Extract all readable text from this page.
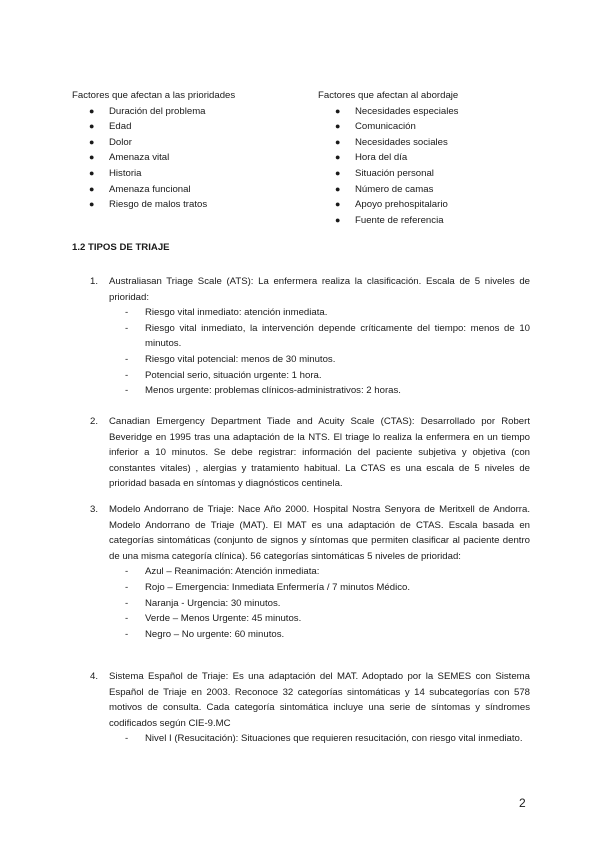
Factores que afectan a las prioridades
● Duración del problema
● Edad
● Dolor
● Amenaza vital
● Historia
● Amenaza funcional
● Riesgo de malos tratos
Factores que afectan al abordaje
● Necesidades especiales
● Comunicación
● Necesidades sociales
● Hora del día
● Situación personal
● Número de camas
● Apoyo prehospitalario
● Fuente de referencia
1.2 TIPOS DE TRIAJE
1. Australiasan Triage Scale (ATS): La enfermera realiza la clasificación. Escala de 5 niveles de prioridad:
- Riesgo vital inmediato: atención inmediata.
- Riesgo vital inmediato, la intervención depende críticamente del tiempo: menos de 10 minutos.
- Riesgo vital potencial: menos de 30 minutos.
- Potencial serio, situación urgente: 1 hora.
- Menos urgente: problemas clínicos-administrativos: 2 horas.
2. Canadian Emergency Department Tiade and Acuity Scale (CTAS): Desarrollado por Robert Beveridge en 1995 tras una adaptación de la NTS. El triage lo realiza la enfermera en un tiempo inferior a 10 minutos. Se debe registrar: información del paciente subjetiva y objetiva (con constantes vitales) , alergias y tratamiento habitual. La CTAS es una escala de 5 niveles de prioridad basada en síntomas y diagnósticos centinela.
3. Modelo Andorrano de Triaje: Nace Año 2000. Hospital Nostra Senyora de Meritxell de Andorra. Modelo Andorrano de Triaje (MAT). El MAT es una adaptación de CTAS. Escala basada en categorías sintomáticas (conjunto de signos y síntomas que permiten clasificar al paciente dentro de una misma categoría clínica). 56 categorías sintomáticas 5 niveles de prioridad:
- Azul – Reanimación: Atención inmediata:
- Rojo – Emergencia: Inmediata Enfermería / 7 minutos Médico.
- Naranja - Urgencia: 30 minutos.
- Verde – Menos Urgente: 45 minutos.
- Negro – No urgente: 60 minutos.
4. Sistema Español de Triaje: Es una adaptación del MAT. Adoptado por la SEMES con Sistema Español de Triaje en 2003. Reconoce 32 categorías sintomáticas y 14 subcategorías con 578 motivos de consulta. Cada categoría sintomática incluye una serie de síntomas y síndromes codificados según CIE-9.MC
- Nivel I (Resucitación): Situaciones que requieren resucitación, con riesgo vital inmediato.
2
